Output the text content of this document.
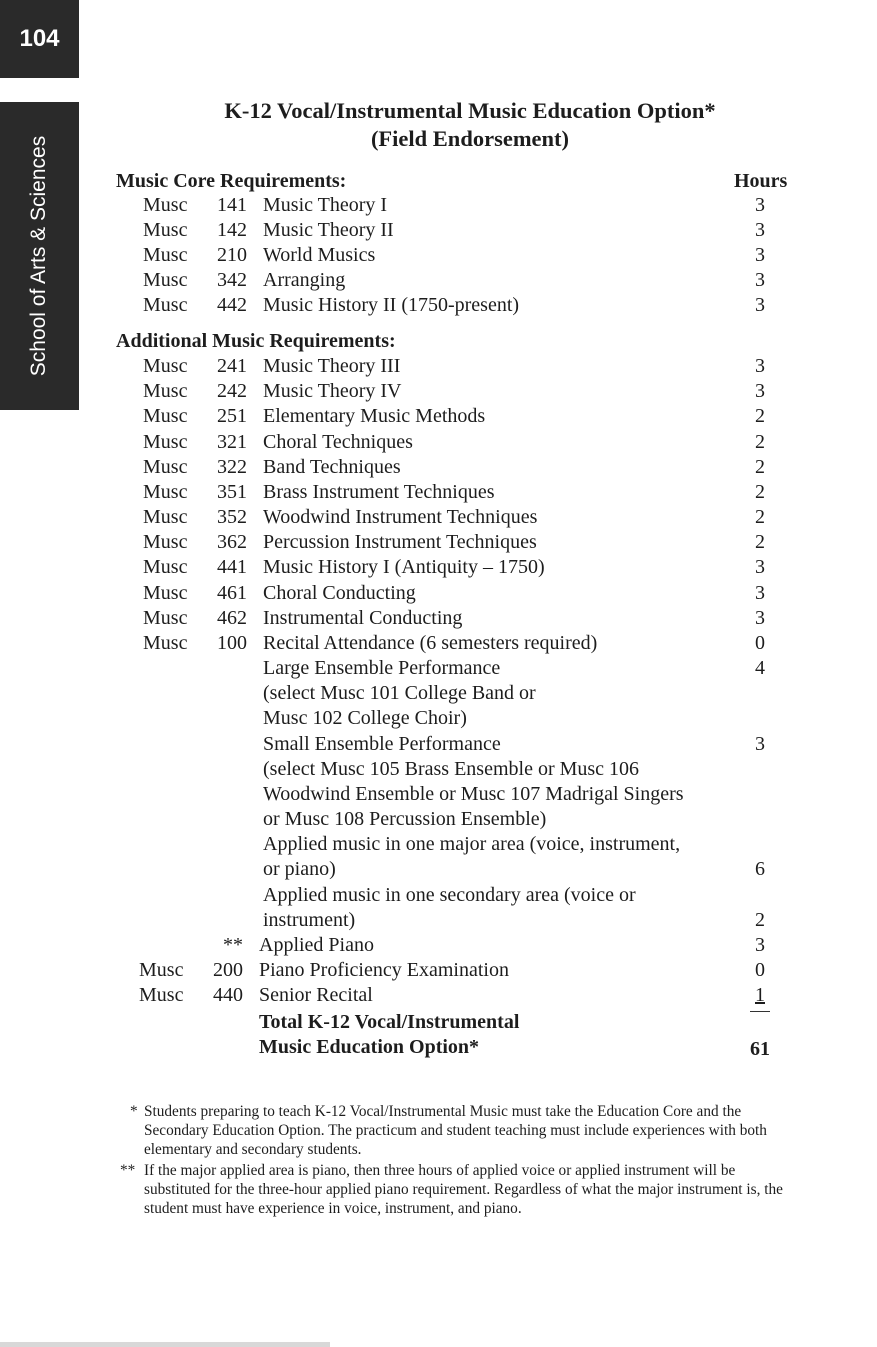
104
School of Arts & Sciences
K-12 Vocal/Instrumental Music Education Option*
(Field Endorsement)
Music Core Requirements:	Hours
Musc	141 Music Theory I	3
Musc	142 Music Theory II	3
Musc	210 World Musics	3
Musc	342 Arranging	3
Musc	442 Music History II (1750-present)	3
Additional Music Requirements:
Musc	241 Music Theory III	3
Musc	242 Music Theory IV	3
Musc	251 Elementary Music Methods	2
Musc	321 Choral Techniques	2
Musc	322 Band Techniques	2
Musc	351 Brass Instrument Techniques	2
Musc	352 Woodwind Instrument Techniques	2
Musc	362 Percussion Instrument Techniques	2
Musc	441 Music History I (Antiquity – 1750)	3
Musc	461 Choral Conducting	3
Musc	462 Instrumental Conducting	3
Musc	100 Recital Attendance (6 semesters required)	0
Large Ensemble Performance	4
(select Musc 101 College Band or
Musc 102 College Choir)
Small Ensemble Performance	3
(select Musc 105 Brass Ensemble or Musc 106
Woodwind Ensemble or Musc 107 Madrigal Singers
or Musc 108 Percussion Ensemble)
Applied music in one major area (voice, instrument,
or piano)	6
Applied music in one secondary area (voice or
instrument)	2
** Applied Piano	3
Musc	200 Piano Proficiency Examination	0
Musc	440 Senior Recital	1
Total K-12 Vocal/Instrumental
Music Education Option*	61
* Students preparing to teach K-12 Vocal/Instrumental Music must take the Education Core and the Secondary Education Option. The practicum and student teaching must include experiences with both elementary and secondary students.
** If the major applied area is piano, then three hours of applied voice or applied instrument will be substituted for the three-hour applied piano requirement. Regardless of what the major instrument is, the student must have experience in voice, instrument, and piano.
